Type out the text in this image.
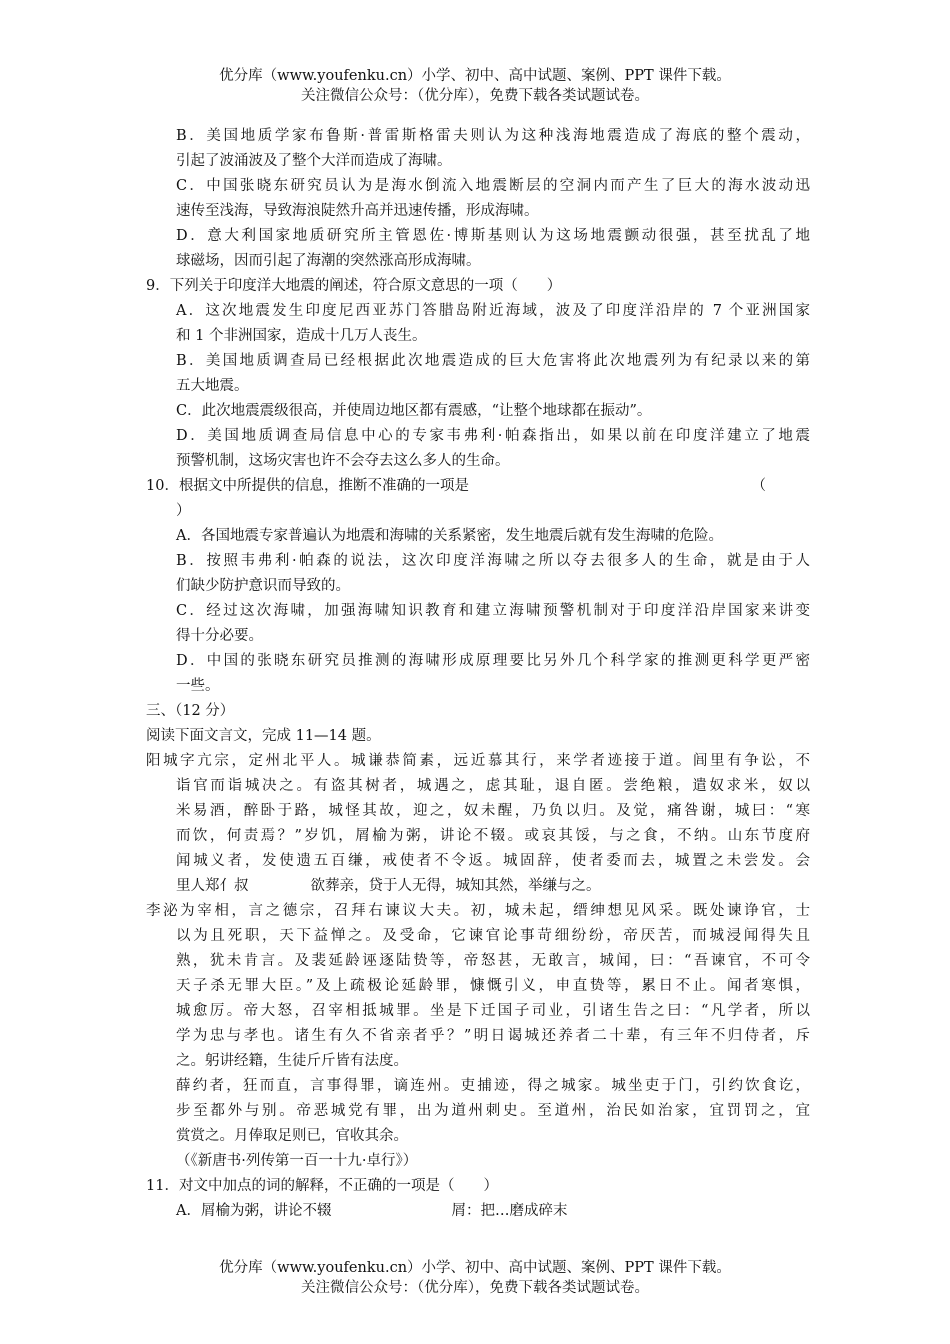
优分库（www.youfenku.cn）小学、初中、高中试题、案例、PPT 课件下载。
关注微信公众号：（优分库），免费下载各类试题试卷。
B．美国地质学家布鲁斯·普雷斯格雷夫则认为这种浅海地震造成了海底的整个震动，
引起了波涌波及了整个大洋而造成了海啸。
C．中国张晓东研究员认为是海水倒流入地震断层的空洞内而产生了巨大的海水波动迅
速传至浅海，导致海浪陡然升高并迅速传播，形成海啸。
D．意大利国家地质研究所主管恩佐·博斯基则认为这场地震颤动很强，甚至扰乱了地
球磁场，因而引起了海潮的突然涨高形成海啸。
9．下列关于印度洋大地震的阐述，符合原文意思的一项（　　）
A．这次地震发生印度尼西亚苏门答腊岛附近海域，波及了印度洋沿岸的 7 个亚洲国家
和 1 个非洲国家，造成十几万人丧生。
B．美国地质调查局已经根据此次地震造成的巨大危害将此次地震列为有纪录以来的第
五大地震。
C．此次地震震级很高，并使周边地区都有震感，“让整个地球都在振动”。
D．美国地质调查局信息中心的专家韦弗利·帕森指出，如果以前在印度洋建立了地震
预警机制，这场灾害也许不会夺去这么多人的生命。
10．根据文中所提供的信息，推断不准确的一项是	（
）
A．各国地震专家普遍认为地震和海啸的关系紧密，发生地震后就有发生海啸的危险。
B．按照韦弗利·帕森的说法，这次印度洋海啸之所以夺去很多人的生命，就是由于人
们缺少防护意识而导致的。
C．经过这次海啸，加强海啸知识教育和建立海啸预警机制对于印度洋沿岸国家来讲变
得十分必要。
D．中国的张晓东研究员推测的海啸形成原理要比另外几个科学家的推测更科学更严密
一些。
三、（12 分）
阅读下面文言文，完成 11—14 题。
阳城字亢宗，定州北平人。城谦恭简素，远近慕其行，来学者迹接于道。闾里有争讼，不
诣官而诣城决之。有盗其树者，城遇之，虑其耻，退自匿。尝绝粮，遣奴求米，奴以
米易酒，醉卧于路，城怪其故，迎之，奴未醒，乃负以归。及觉，痛咎谢，城曰：“寒
而饮，何责焉？”岁饥，屑榆为粥，讲论不辍。或哀其馁，与之食，不纳。山东节度府
闻城义者，发使遗五百缣，戒使者不令返。城固辞，使者委而去，城置之未尝发。会
里人郑亻叔	欲葬亲，贷于人无得，城知其然，举缣与之。
李泌为宰相，言之德宗，召拜右谏议大夫。初，城未起，缙绅想见风采。既处谏诤官，士
以为且死职，天下益惮之。及受命，它谏官论事苛细纷纷，帝厌苦，而城浸闻得失且
熟，犹未肯言。及裴延龄诬逐陆贽等，帝怒甚，无敢言，城闻，曰：“吾谏官，不可令
天子杀无罪大臣。”及上疏极论延龄罪，慷慨引义，申直贽等，累日不止。闻者寒惧，
城愈厉。帝大怒，召宰相抵城罪。坐是下迁国子司业，引诸生告之曰：“凡学者，所以
学为忠与孝也。诸生有久不省亲者乎？”明日谒城还养者二十辈，有三年不归侍者，斥
之。躬讲经籍，生徒斤斤皆有法度。
薛约者，狂而直，言事得罪，谪连州。吏捕迹，得之城家。城坐吏于门，引约饮食讫，
步至都外与别。帝恶城党有罪，出为道州刺史。至道州，治民如治家，宜罚罚之，宜
赏赏之。月俸取足则已，官收其余。
（《新唐书·列传第一百一十九·卓行》）
11．对文中加点的词的解释，不正确的一项是（　　）
A．屑榆为粥，讲论不辍	屑：把…磨成碎末
优分库（www.youfenku.cn）小学、初中、高中试题、案例、PPT 课件下载。
关注微信公众号：（优分库），免费下载各类试题试卷。
